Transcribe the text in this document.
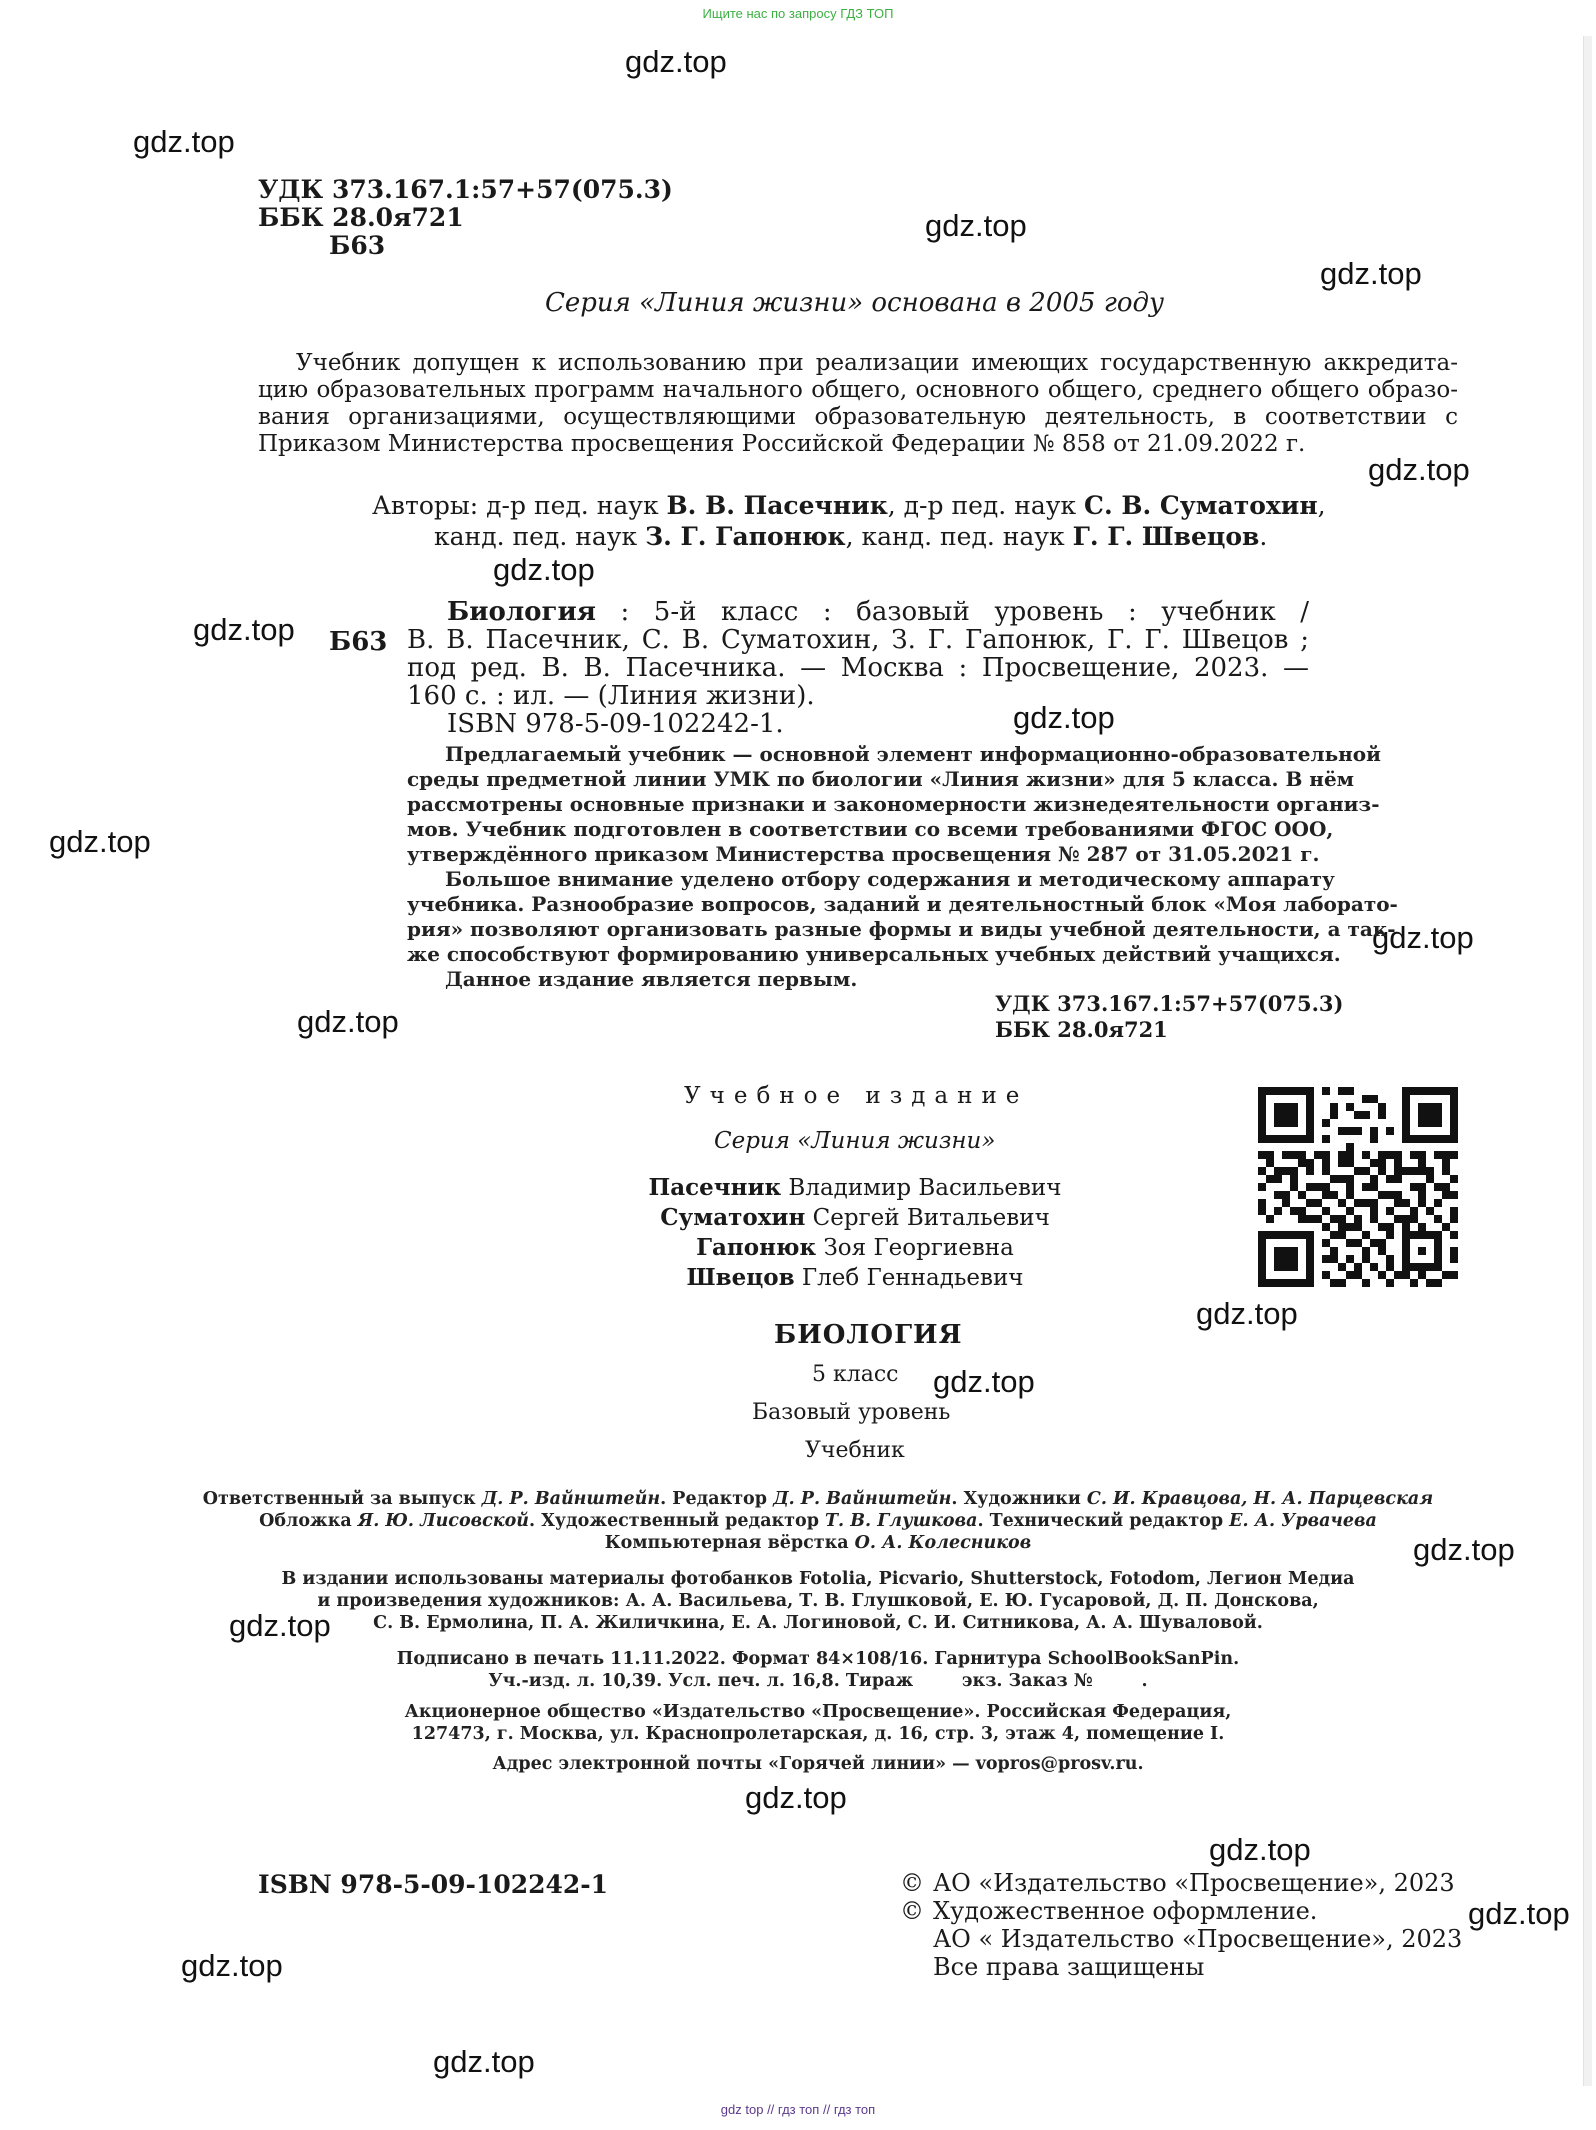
Ищите нас по запросу ГДЗ ТОП
gdz.top
gdz.top
gdz.top
gdz.top
gdz.top
gdz.top
gdz.top
gdz.top
gdz.top
gdz.top
gdz.top
gdz.top
gdz.top
gdz.top
gdz.top
gdz.top
gdz.top
gdz.top
gdz.top
gdz.top
УДК 373.167.1:57+57(075.3)
ББК 28.0я721
Б63
Серия «Линия жизни» основана в 2005 году
Учебник допущен к использованию при реализации имеющих государственную аккредита-
цию образовательных программ начального общего, основного общего, среднего общего образо-
вания организациями, осуществляющими образовательную деятельность, в соответствии с
Приказом Министерства просвещения Российской Федерации № 858 от 21.09.2022 г.
Авторы: д-р пед. наук В. В. Пасечник, д-р пед. наук С. В. Суматохин,
канд. пед. наук З. Г. Гапонюк, канд. пед. наук Г. Г. Швецов.
Б63
Биология : 5-й класс : базовый уровень : учебник /
В. В. Пасечник, С. В. Суматохин, З. Г. Гапонюк, Г. Г. Швецов ;
под ред. В. В. Пасечника. — Москва : Просвещение, 2023. —
160 с. : ил. — (Линия жизни).
ISBN 978-5-09-102242-1.
Предлагаемый учебник — основной элемент информационно-образовательной
среды предметной линии УМК по биологии «Линия жизни» для 5 класса. В нём
рассмотрены основные признаки и закономерности жизнедеятельности организ-
мов. Учебник подготовлен в соответствии со всеми требованиями ФГОС ООО,
утверждённого приказом Министерства просвещения № 287 от 31.05.2021 г.
Большое внимание уделено отбору содержания и методическому аппарату
учебника. Разнообразие вопросов, заданий и деятельностный блок «Моя лаборато-
рия» позволяют организовать разные формы и виды учебной деятельности, а так-
же способствуют формированию универсальных учебных действий учащихся.
Данное издание является первым.
УДК 373.167.1:57+57(075.3)
ББК 28.0я721
Учебное издание
Серия «Линия жизни»
Пасечник Владимир Васильевич
Суматохин Сергей Витальевич
Гапонюк Зоя Георгиевна
Швецов Глеб Геннадьевич
БИОЛОГИЯ
5 класс
Базовый уровень
Учебник
Ответственный за выпуск Д. Р. Вайнштейн. Редактор Д. Р. Вайнштейн. Художники С. И. Кравцова, Н. А. Парцевская
Обложка Я. Ю. Лисовской. Художественный редактор Т. В. Глушкова. Технический редактор Е. А. Урвачева
Компьютерная вёрстка О. А. Колесников
В издании использованы материалы фотобанков Fotolia, Picvario, Shutterstock, Fotodom, Легион Медиа
и произведения художников: А. А. Васильева, Т. В. Глушковой, Е. Ю. Гусаровой, Д. П. Донскова,
С. В. Ермолина, П. А. Жиличкина, Е. А. Логиновой, С. И. Ситникова, А. А. Шуваловой.
Подписано в печать 11.11.2022. Формат 84×108/16. Гарнитура SchoolBookSanPin.
Уч.-изд. л. 10,39. Усл. печ. л. 16,8. Тираж        экз. Заказ №        .
Акционерное общество «Издательство «Просвещение». Российская Федерация,
127473, г. Москва, ул. Краснопролетарская, д. 16, стр. 3, этаж 4, помещение I.
Адрес электронной почты «Горячей линии» — vopros@prosv.ru.
ISBN 978-5-09-102242-1	© АО «Издательство «Просвещение», 2023
© Художественное оформление.
АО « Издательство «Просвещение», 2023
Все права защищены
gdz top // гдз топ // гдз топ
